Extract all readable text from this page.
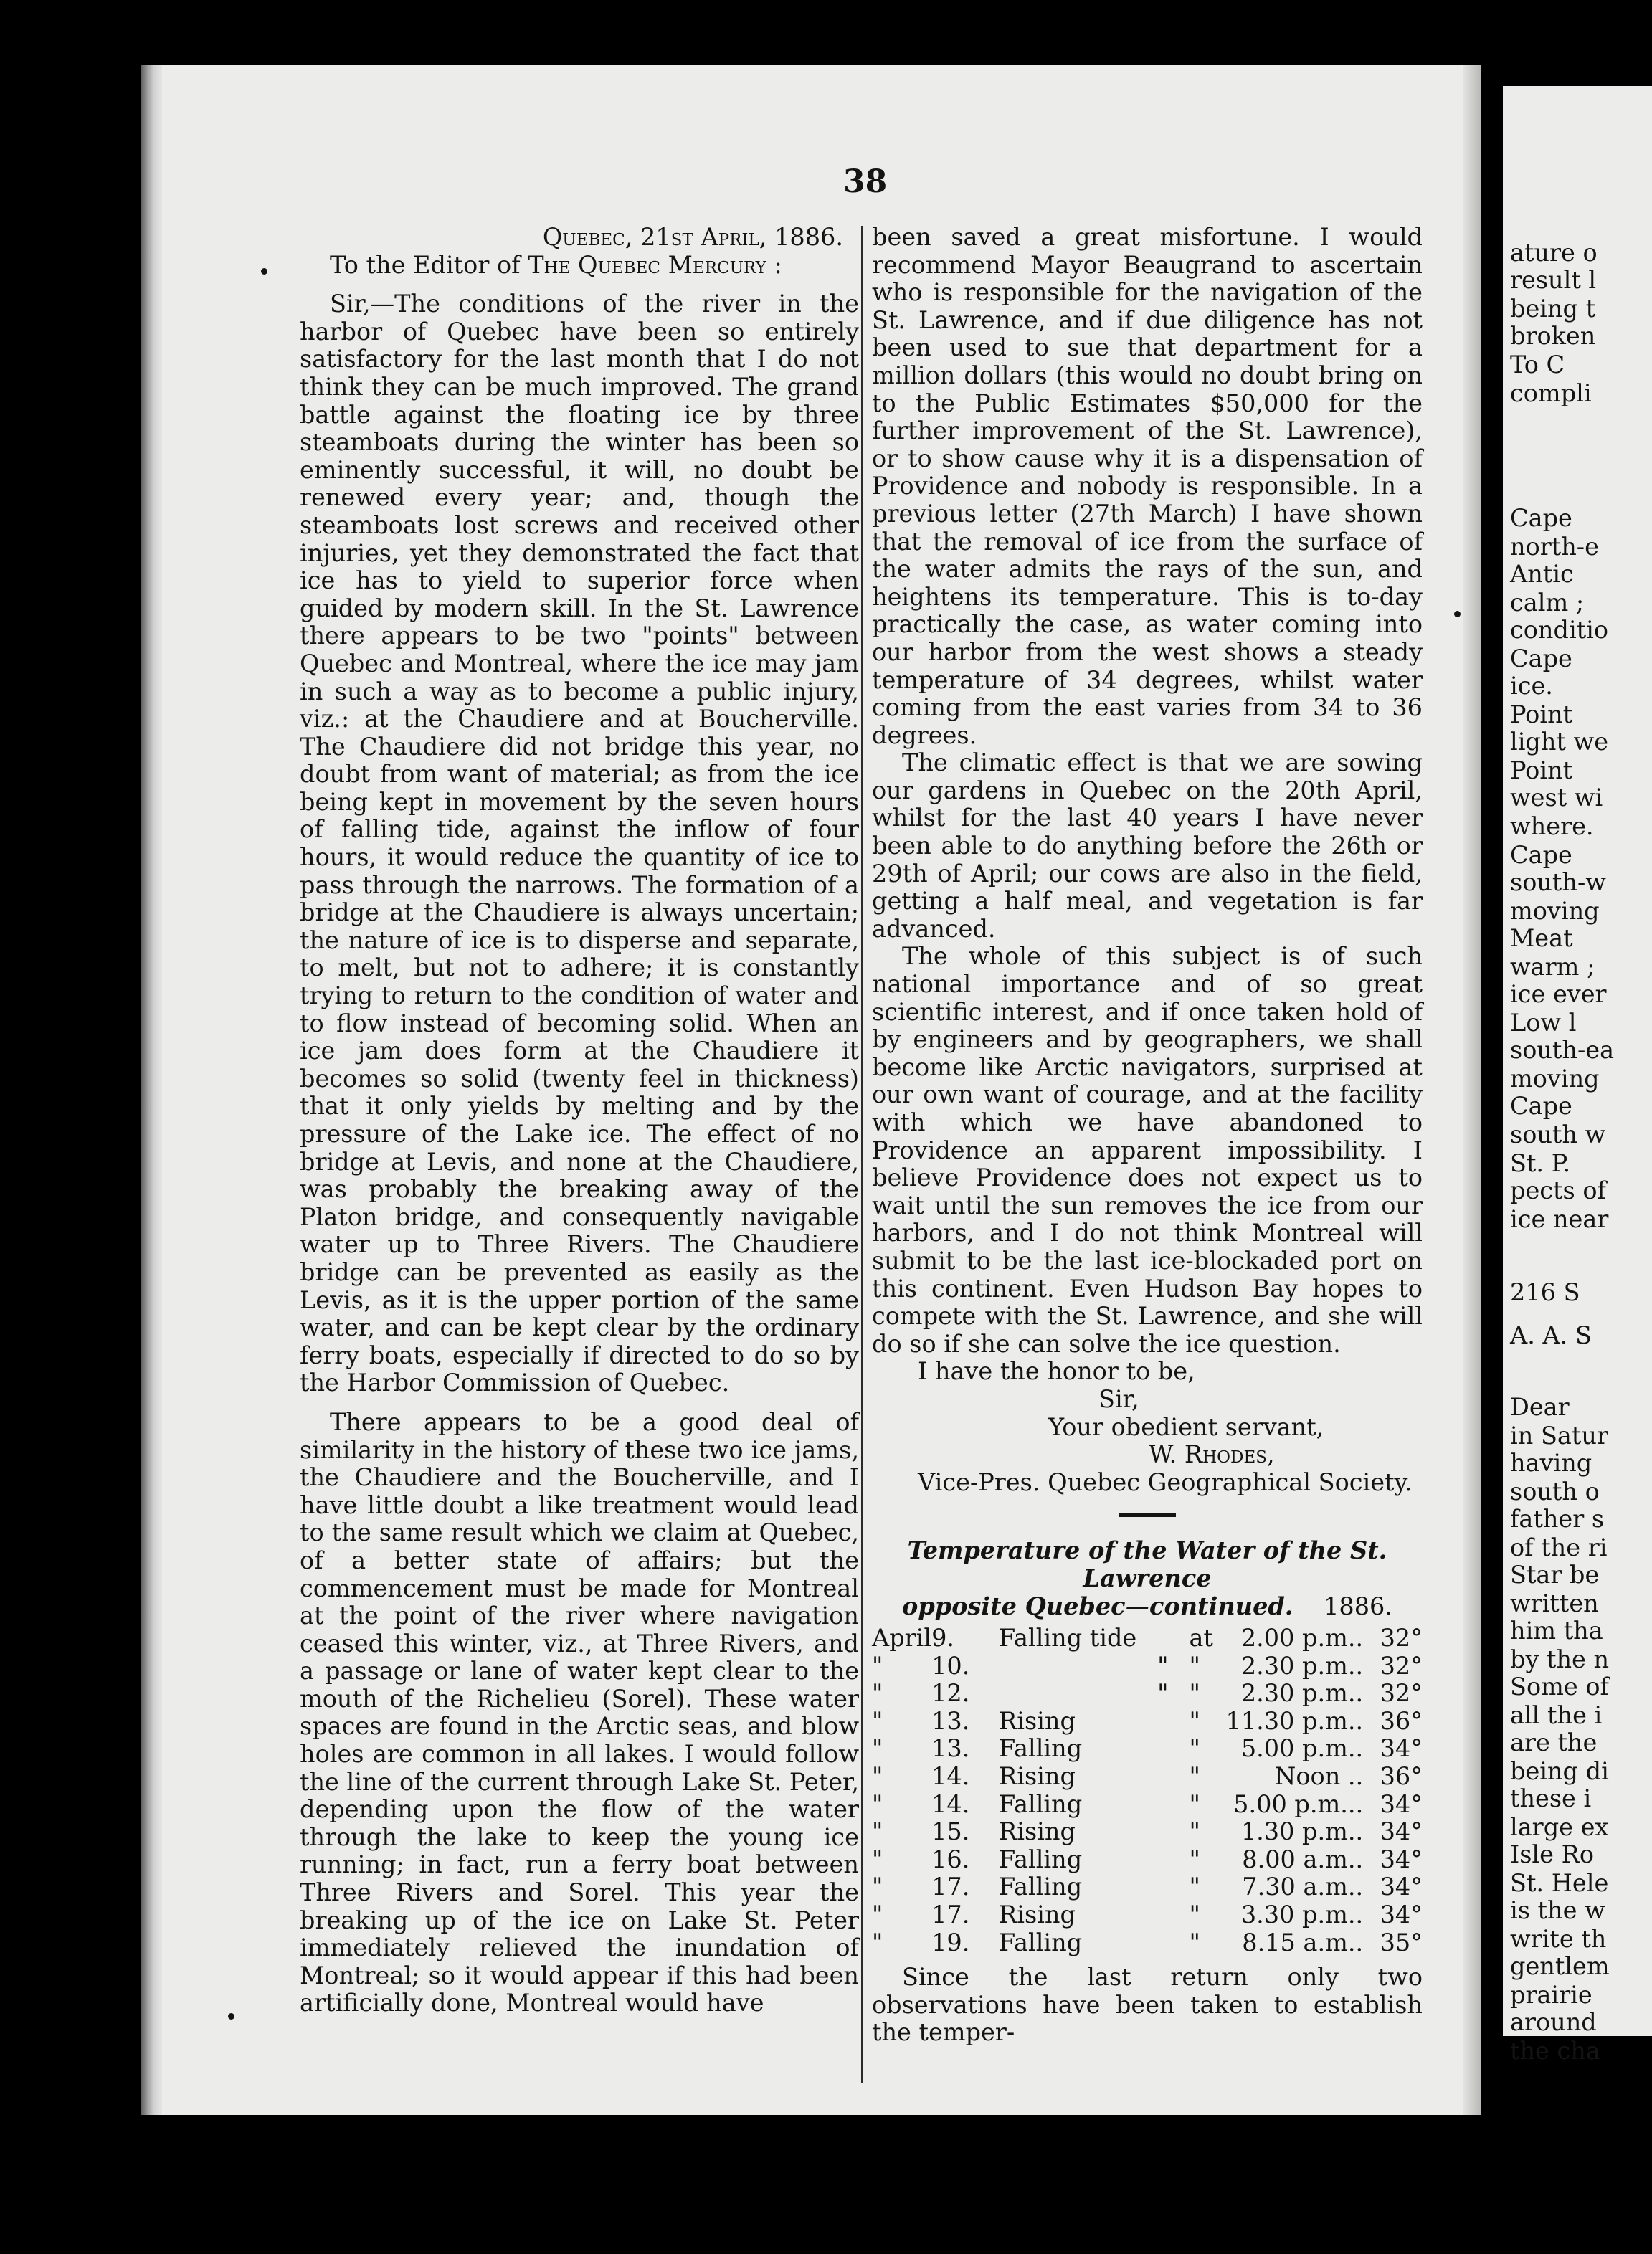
38

Quebec, 21st April, 1886.

To the Editor of The Quebec Mercury :

Sir,—The conditions of the river in the harbor of Quebec have been so entirely satisfactory for the last month that I do not think they can be much improved. The grand battle against the floating ice by three steamboats during the winter has been so eminently successful, it will, no doubt be renewed every year; and, though the steamboats lost screws and received other injuries, yet they demonstrated the fact that ice has to yield to superior force when guided by modern skill. In the St. Lawrence there appears to be two "points" between Quebec and Montreal, where the ice may jam in such a way as to become a public injury, viz.: at the Chaudiere and at Boucherville. The Chaudiere did not bridge this year, no doubt from want of material; as from the ice being kept in movement by the seven hours of falling tide, against the inflow of four hours, it would reduce the quantity of ice to pass through the narrows. The formation of a bridge at the Chaudiere is always uncertain; the nature of ice is to disperse and separate, to melt, but not to adhere; it is constantly trying to return to the condition of water and to flow instead of becoming solid. When an ice jam does form at the Chaudiere it becomes so solid (twenty feel in thickness) that it only yields by melting and by the pressure of the Lake ice. The effect of no bridge at Levis, and none at the Chaudiere, was probably the breaking away of the Platon bridge, and consequently navigable water up to Three Rivers. The Chaudiere bridge can be prevented as easily as the Levis, as it is the upper portion of the same water, and can be kept clear by the ordinary ferry boats, especially if directed to do so by the Harbor Commission of Quebec.

There appears to be a good deal of similarity in the history of these two ice jams, the Chaudiere and the Boucherville, and I have little doubt a like treatment would lead to the same result which we claim at Quebec, of a better state of affairs; but the commencement must be made for Montreal at the point of the river where navigation ceased this winter, viz., at Three Rivers, and a passage or lane of water kept clear to the mouth of the Richelieu (Sorel). These water spaces are found in the Arctic seas, and blow holes are common in all lakes. I would follow the line of the current through Lake St. Peter, depending upon the flow of the water through the lake to keep the young ice running; in fact, run a ferry boat between Three Rivers and Sorel. This year the breaking up of the ice on Lake St. Peter immediately relieved the inundation of Montreal; so it would appear if this had been artificially done, Montreal would have

been saved a great misfortune. I would recommend Mayor Beaugrand to ascertain who is responsible for the navigation of the St. Lawrence, and if due diligence has not been used to sue that department for a million dollars (this would no doubt bring on to the Public Estimates $50,000 for the further improvement of the St. Lawrence), or to show cause why it is a dispensation of Providence and nobody is responsible. In a previous letter (27th March) I have shown that the removal of ice from the surface of the water admits the rays of the sun, and heightens its temperature. This is to-day practically the case, as water coming into our harbor from the west shows a steady temperature of 34 degrees, whilst water coming from the east varies from 34 to 36 degrees.

The climatic effect is that we are sowing our gardens in Quebec on the 20th April, whilst for the last 40 years I have never been able to do anything before the 26th or 29th of April; our cows are also in the field, getting a half meal, and vegetation is far advanced.

The whole of this subject is of such national importance and of so great scientific interest, and if once taken hold of by engineers and by geographers, we shall become like Arctic navigators, surprised at our own want of courage, and at the facility with which we have abandoned to Providence an apparent impossibility. I believe Providence does not expect us to wait until the sun removes the ice from our harbors, and I do not think Montreal will submit to be the last ice-blockaded port on this continent. Even Hudson Bay hopes to compete with the St. Lawrence, and she will do so if she can solve the ice question.

I have the honor to be,

Sir,

Your obedient servant,

W. Rhodes,

Vice-Pres. Quebec Geographical Society.

Temperature of the Water of the St. Lawrence

opposite Quebec—continued. 1886.

April	9.	Falling tide		at	2.00 p.m..	32°
"	10.		"	"	2.30 p.m..	32°
"	12.		"	"	2.30 p.m..	32°
"	13.	Rising		"	11.30 p.m..	36°
"	13.	Falling		"	5.00 p.m..	34°
"	14.	Rising		"	Noon ..	36°
"	14.	Falling		"	5.00 p.m...	34°
"	15.	Rising		"	1.30 p.m..	34°
"	16.	Falling		"	8.00 a.m..	34°
"	17.	Falling		"	7.30 a.m..	34°
"	17.	Rising		"	3.30 p.m..	34°
"	19.	Falling		"	8.15 a.m..	35°

Since the last return only two observations have been taken to establish the temper-

ature o
result l
being t
broken
To C
compli
Cape
north-e
Antic
calm ;
conditio
Cape
ice.
Point
light we
Point
west wi
where.
Cape
south-w
moving
Meat
warm ;
ice ever
Low l
south-ea
moving
Cape
south w
St. P.
pects of
ice near
216 S
A. A. S
Dear
in Satur
having
south o
father s
of the ri
Star be
written
him tha
by the n
Some of
all the i
are the
being di
these i
large ex
Isle Ro
St. Hele
is the w
write th
gentlem
prairie
around
the cha
